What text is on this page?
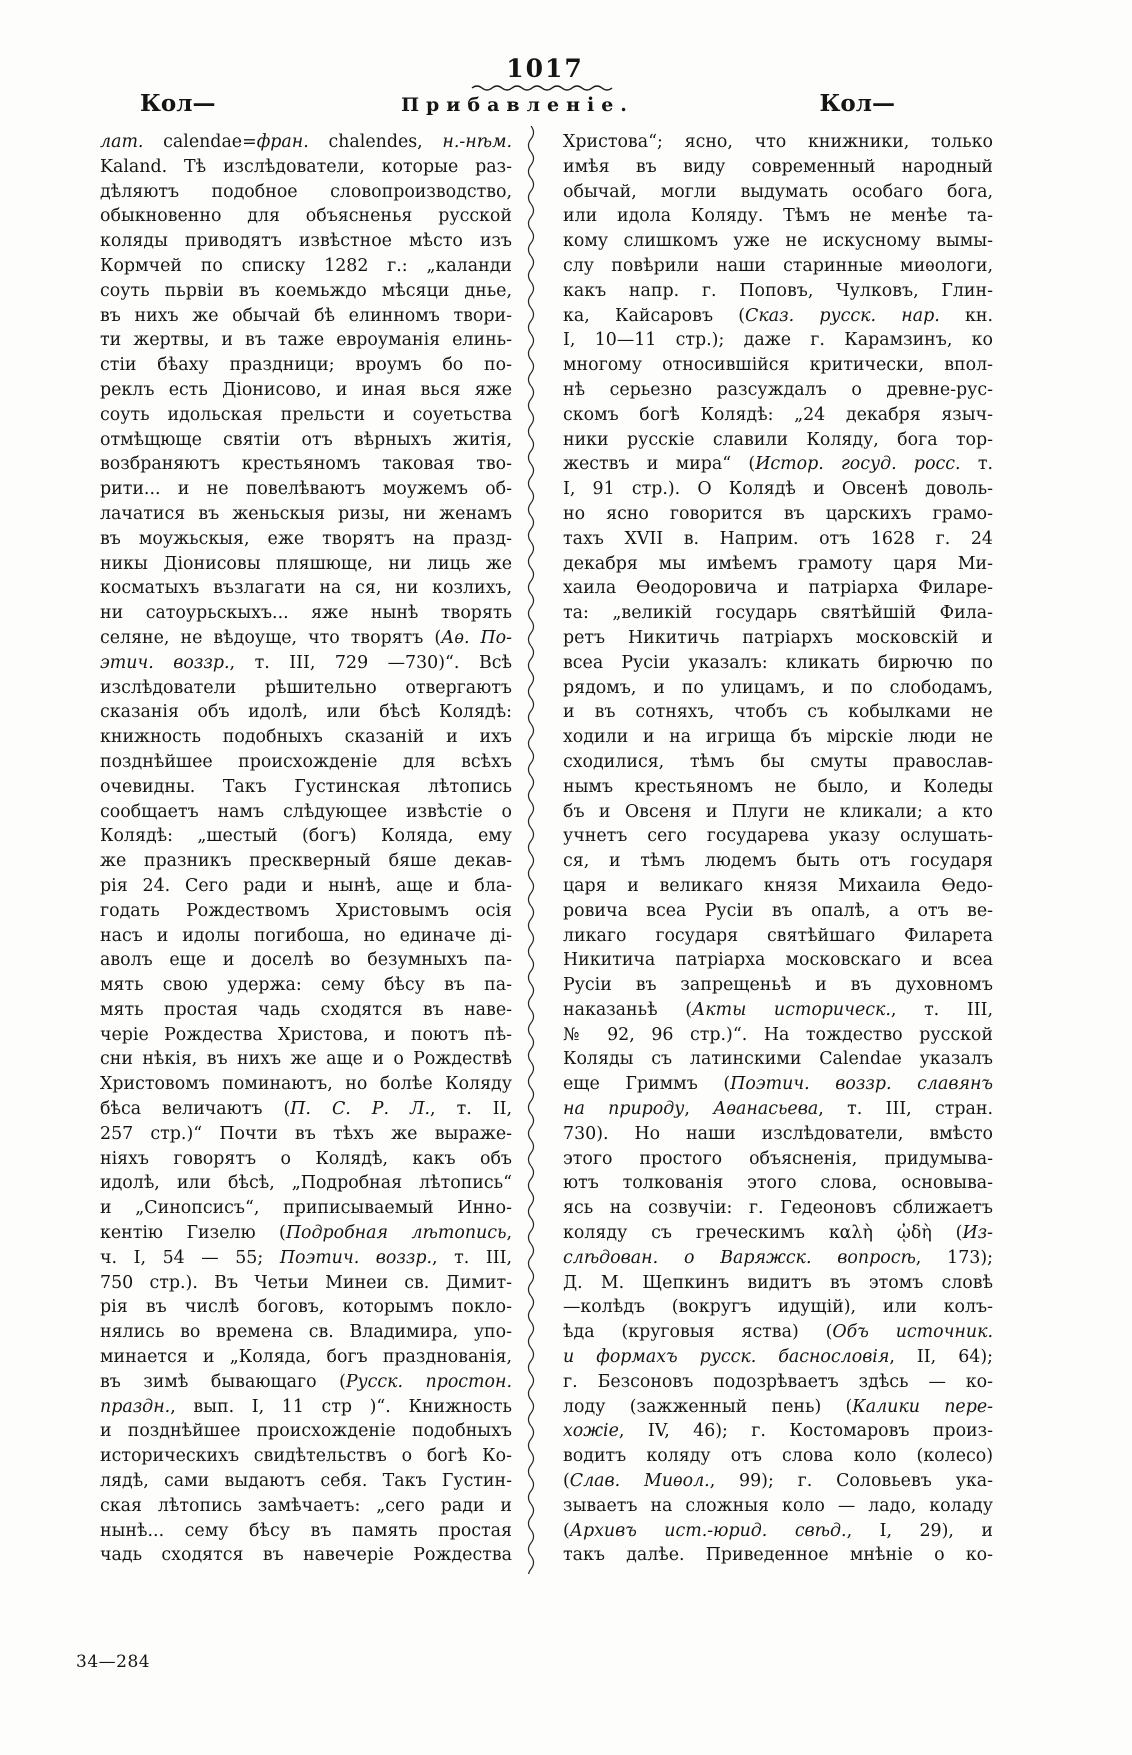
1017
Кол—	Прибавленіе.	Кол—
лат. calendae=фран. chalendes, н.-нѣм.
Kaland. Тѣ изслѣдователи, которые раз-
дѣляютъ подобное словопроизводство,
обыкновенно для объясненья русской
коляды приводятъ извѣстное мѣсто изъ
Кормчей по списку 1282 г.: „каланди
соуть пьрвіи въ коемьждо мѣсяци днье,
въ нихъ же обычай бѣ елинномъ твори-
ти жертвы, и въ таже евроуманія елинь-
стіи бѣаху праздници; вроумъ бо по-
реклъ есть Діонисово, и иная вься яже
соуть идольская прельсти и соуетьства
отмѣщюще святіи отъ вѣрныхъ житія,
возбраняютъ крестьяномъ таковая тво-
рити... и не повелѣваютъ моужемъ об-
лачатися въ женьскыя ризы, ни женамъ
въ моужьскыя, еже творятъ на празд-
никы Діонисовы пляшюще, ни лиць же
косматыхъ възлагати на ся, ни козлихъ,
ни сатоурьскыхъ... яже нынѣ творять
селяне, не вѣдоуще, что творятъ (Аѳ. По-
этич. воззр., т. III, 729 —730)“. Всѣ
изслѣдователи рѣшительно отвергаютъ
сказанія объ идолѣ, или бѣсѣ Колядѣ:
книжность подобныхъ сказаній и ихъ
позднѣйшее происхожденіе для всѣхъ
очевидны. Такъ Густинская лѣтопись
сообщаетъ намъ слѣдующее извѣстіе о
Колядѣ: „шестый (богъ) Коляда, ему
же празникъ прескверный бяше декав-
рія 24. Сего ради и нынѣ, аще и бла-
годать Рождествомъ Христовымъ осія
насъ и идолы погибоша, но единаче ді-
аволъ еще и доселѣ во безумныхъ па-
мять свою удержа: сему бѣсу въ па-
мять простая чадь сходятся въ наве-
черіе Рождества Христова, и поютъ пѣ-
сни нѣкія, въ нихъ же аще и о Рождествѣ
Христовомъ поминаютъ, но болѣе Коляду
бѣса величаютъ (П. С. Р. Л., т. II,
257 стр.)“ Почти въ тѣхъ же выраже-
ніяхъ говорятъ о Колядѣ, какъ объ
идолѣ, или бѣсѣ, „Подробная лѣтопись“
и „Синопсисъ“, приписываемый Инно-
кентію Гизелю (Подробная лѣтопись,
ч. I, 54 — 55; Поэтич. воззр., т. III,
750 стр.). Въ Четьи Минеи св. Димит-
рія въ числѣ боговъ, которымъ покло-
нялись во времена св. Владимира, упо-
минается и „Коляда, богъ празднованія,
въ зимѣ бывающаго (Русск. простон.
праздн., вып. I, 11 стр )“. Книжность
и позднѣйшее происхожденіе подобныхъ
историческихъ свидѣтельствъ о богѣ Ко-
лядѣ, сами выдаютъ себя. Такъ Густин-
ская лѣтопись замѣчаетъ: „сего ради и
нынѣ... сему бѣсу въ память простая
чадь сходятся въ навечеріе Рождества
Христова“; ясно, что книжники, только
имѣя въ виду современный народный
обычай, могли выдумать особаго бога,
или идола Коляду. Тѣмъ не менѣе та-
кому слишкомъ уже не искусному вымы-
слу повѣрили наши старинные миѳологи,
какъ напр. г. Поповъ, Чулковъ, Глин-
ка, Кайсаровъ (Сказ. русск. нар. кн.
I, 10—11 стр.); даже г. Карамзинъ, ко
многому относившійся критически, впол-
нѣ серьезно разсуждалъ о древне-рус-
скомъ богѣ Колядѣ: „24 декабря языч-
ники русскіе славили Коляду, бога тор-
жествъ и мира“ (Истор. госуд. росс. т.
I, 91 стр.). О Колядѣ и Овсенѣ доволь-
но ясно говорится въ царскихъ грамо-
тахъ XVII в. Наприм. отъ 1628 г. 24
декабря мы имѣемъ грамоту царя Ми-
хаила Ѳеодоровича и патріарха Филаре-
та: „великій государь святѣйшій Фила-
ретъ Никитичь патріархъ московскій и
всеа Русіи указалъ: кликать бирючю по
рядомъ, и по улицамъ, и по слободамъ,
и въ сотняхъ, чтобъ съ кобылками не
ходили и на игрища бъ мірскіе люди не
сходилися, тѣмъ бы смуты православ-
нымъ крестьяномъ не было, и Коледы
бъ и Овсеня и Плуги не кликали; а кто
учнетъ сего государева указу ослушать-
ся, и тѣмъ людемъ быть отъ государя
царя и великаго князя Михаила Ѳедо-
ровича всеа Русіи въ опалѣ, а отъ ве-
ликаго государя святѣйшаго Филарета
Никитича патріарха московскаго и всеа
Русіи въ запрещеньѣ и въ духовномъ
наказаньѣ (Акты историческ., т. III,
№ 92, 96 стр.)“. На тождество русской
Коляды съ латинскими Calendae указалъ
еще Гриммъ (Поэтич. воззр. славянъ
на природу, Аѳанасьева, т. III, стран.
730). Но наши изслѣдователи, вмѣсто
этого простого объясненія, придумыва-
ютъ толкованія этого слова, основыва-
ясь на созвучіи: г. Гедеоновъ сближаетъ
коляду съ греческимъ καλὴ ᾠδὴ (Из-
слѣдован. о Варяжск. вопросѣ, 173);
Д. М. Щепкинъ видитъ въ этомъ словѣ
—колѣдъ (вокругъ идущій), или колъ-
ѣда (круговыя яства) (Объ источник.
и формахъ русск. баснословія, II, 64);
г. Безсоновъ подозрѣваетъ здѣсь — ко-
лоду (зажженный пень) (Калики пере-
хожіе, IV, 46); г. Костомаровъ произ-
водитъ коляду отъ слова коло (колесо)
(Слав. Миѳол., 99); г. Соловьевъ ука-
зываетъ на сложныя коло — ладо, коладу
(Архивъ ист.-юрид. свѣд., I, 29), и
такъ далѣе. Приведенное мнѣніе о ко-
34—284
